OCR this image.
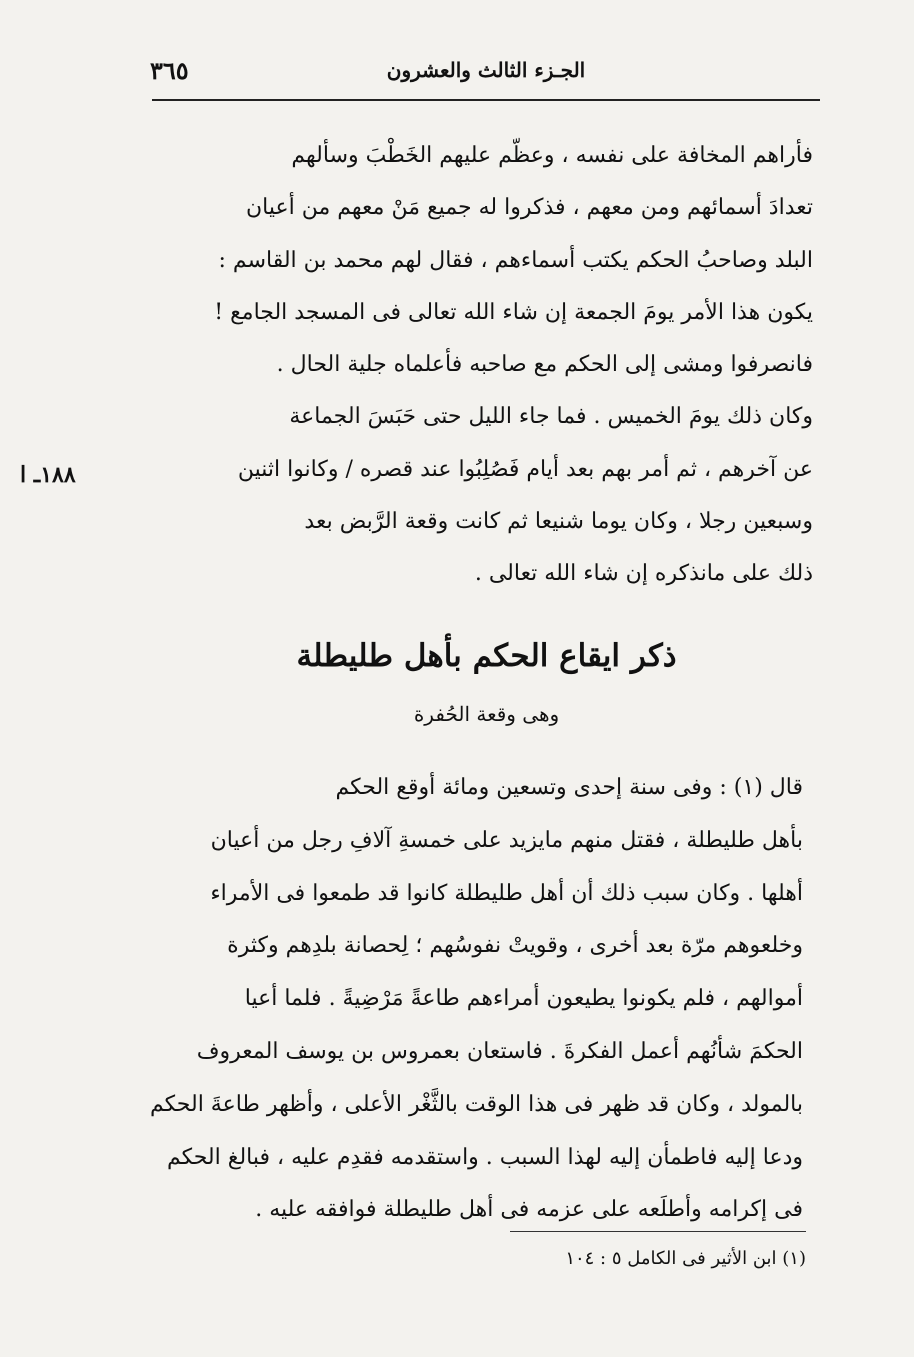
٣٦٥	الجـزء الثالث والعشرون

فأراهم المخافة على نفسه ، وعظّم عليهم الخَطْبَ وسألهم

تعدادَ أسمائهم ومن معهم ، فذكروا له جميع مَنْ معهم من أعيان

البلد وصاحبُ الحكم يكتب أسماءهم ، فقال لهم محمد بن القاسم :

يكون هذا الأمر يومَ الجمعة إن شاء الله تعالى فى المسجد الجامع !

فانصرفوا ومشى إلى الحكم مع صاحبه فأعلماه جلية الحال .

وكان ذلك يومَ الخميس . فما جاء الليل حتى حَبَسَ الجماعة

عن آخرهم ، ثم أمر بهم بعد أيام فَصُلِبُوا عند قصره / وكانوا اثنين

وسبعين رجلا ، وكان يوما شنيعا ثم كانت وقعة الرَّبض بعد

ذلك على مانذكره إن شاء الله تعالى .

١٨٨ـ ا
ذكر ايقاع الحكم بأهل طليطلة
وهى وقعة الحُفرة

قال (١) : وفى سنة إحدى وتسعين ومائة أوقع الحكم

بأهل طليطلة ، فقتل منهم مايزيد على خمسةِ آلافِ رجل من أعيان

أهلها . وكان سبب ذلك أن أهل طليطلة كانوا قد طمعوا فى الأمراء

وخلعوهم مرّة بعد أخرى ، وقويتْ نفوسُهم ؛ لِحصانة بلدِهم وكثرة

أموالهم ، فلم يكونوا يطيعون أمراءهم طاعةً مَرْضِيةً . فلما أعيا

الحكمَ شأنُهم أعمل الفكرةَ . فاستعان بعمروس بن يوسف المعروف

بالمولد ، وكان قد ظهر فى هذا الوقت بالثَّغْر الأعلى ، وأظهر طاعةَ الحكم

ودعا إليه فاطمأن إليه لهذا السبب . واستقدمه فقدِم عليه ، فبالغ الحكم

فى إكرامه وأطلَعه على عزمه فى أهل طليطلة فوافقه عليه .

(١) ابن الأثير فى الكامل ٥ : ١٠٤
